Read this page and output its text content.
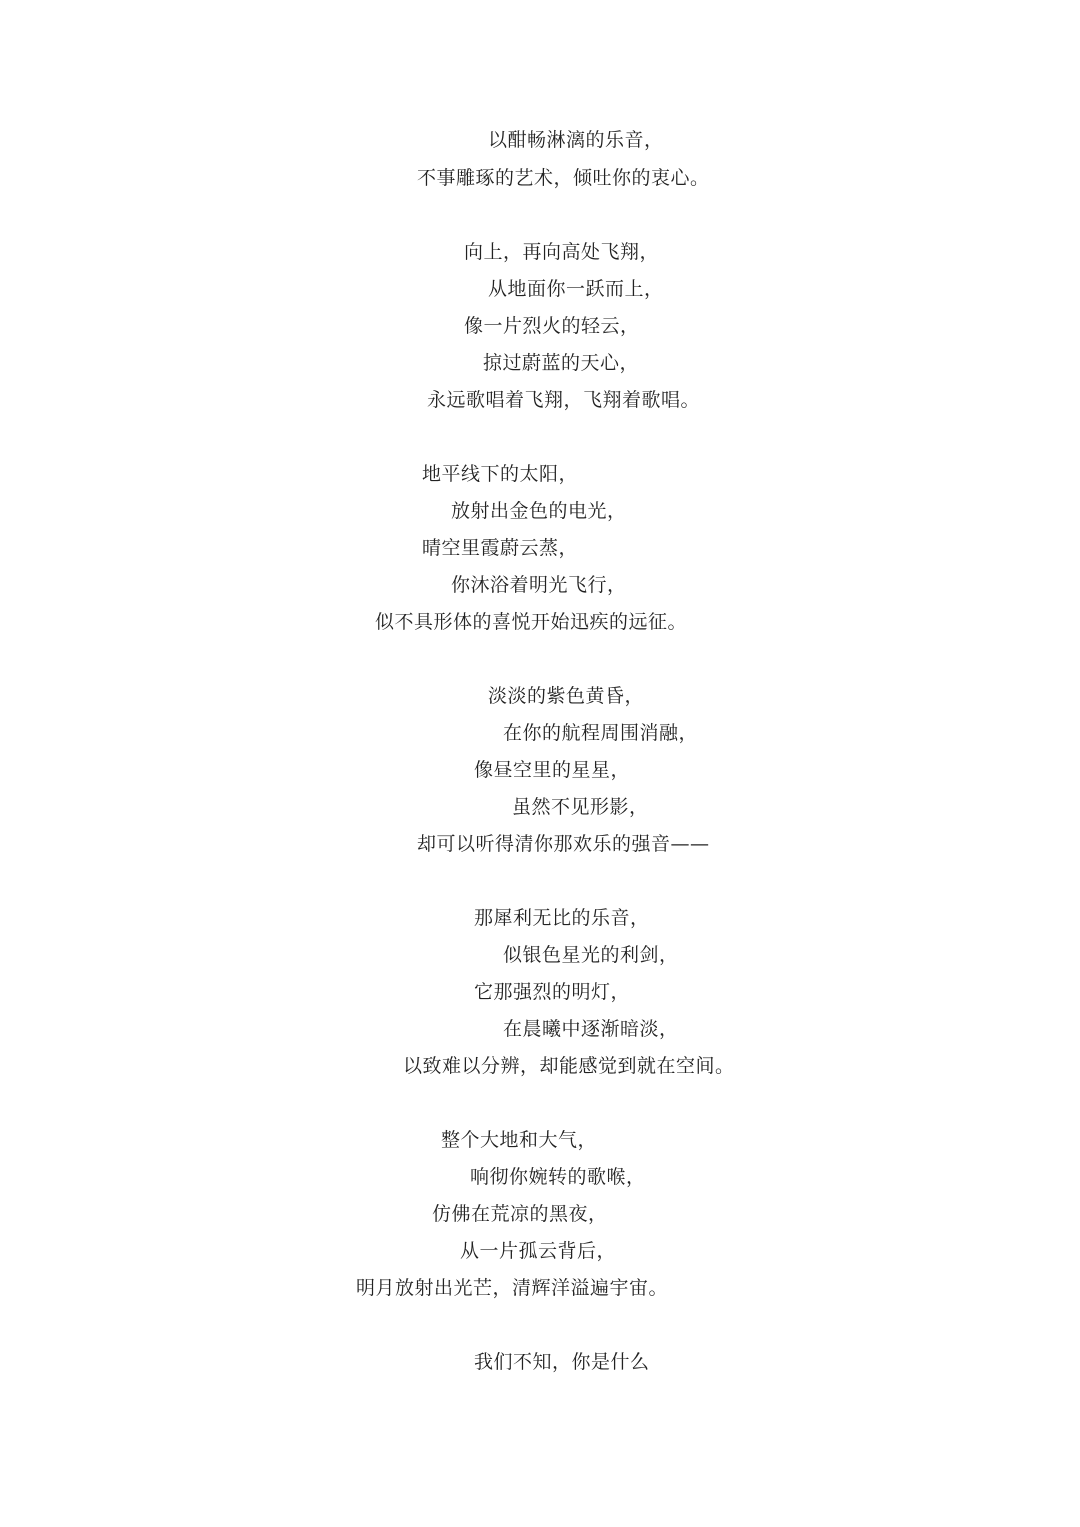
以酣畅淋漓的乐音，
不事雕琢的艺术，倾吐你的衷心。
向上，再向高处飞翔，
从地面你一跃而上，
像一片烈火的轻云，
掠过蔚蓝的天心，
永远歌唱着飞翔，飞翔着歌唱。
地平线下的太阳，
放射出金色的电光，
晴空里霞蔚云蒸，
你沐浴着明光飞行，
似不具形体的喜悦开始迅疾的远征。
淡淡的紫色黄昏，
在你的航程周围消融，
像昼空里的星星，
虽然不见形影，
却可以听得清你那欢乐的强音——
那犀利无比的乐音，
似银色星光的利剑，
它那强烈的明灯，
在晨曦中逐渐暗淡，
以致难以分辨，却能感觉到就在空间。
整个大地和大气，
响彻你婉转的歌喉，
仿佛在荒凉的黑夜，
从一片孤云背后，
明月放射出光芒，清辉洋溢遍宇宙。
我们不知，你是什么
